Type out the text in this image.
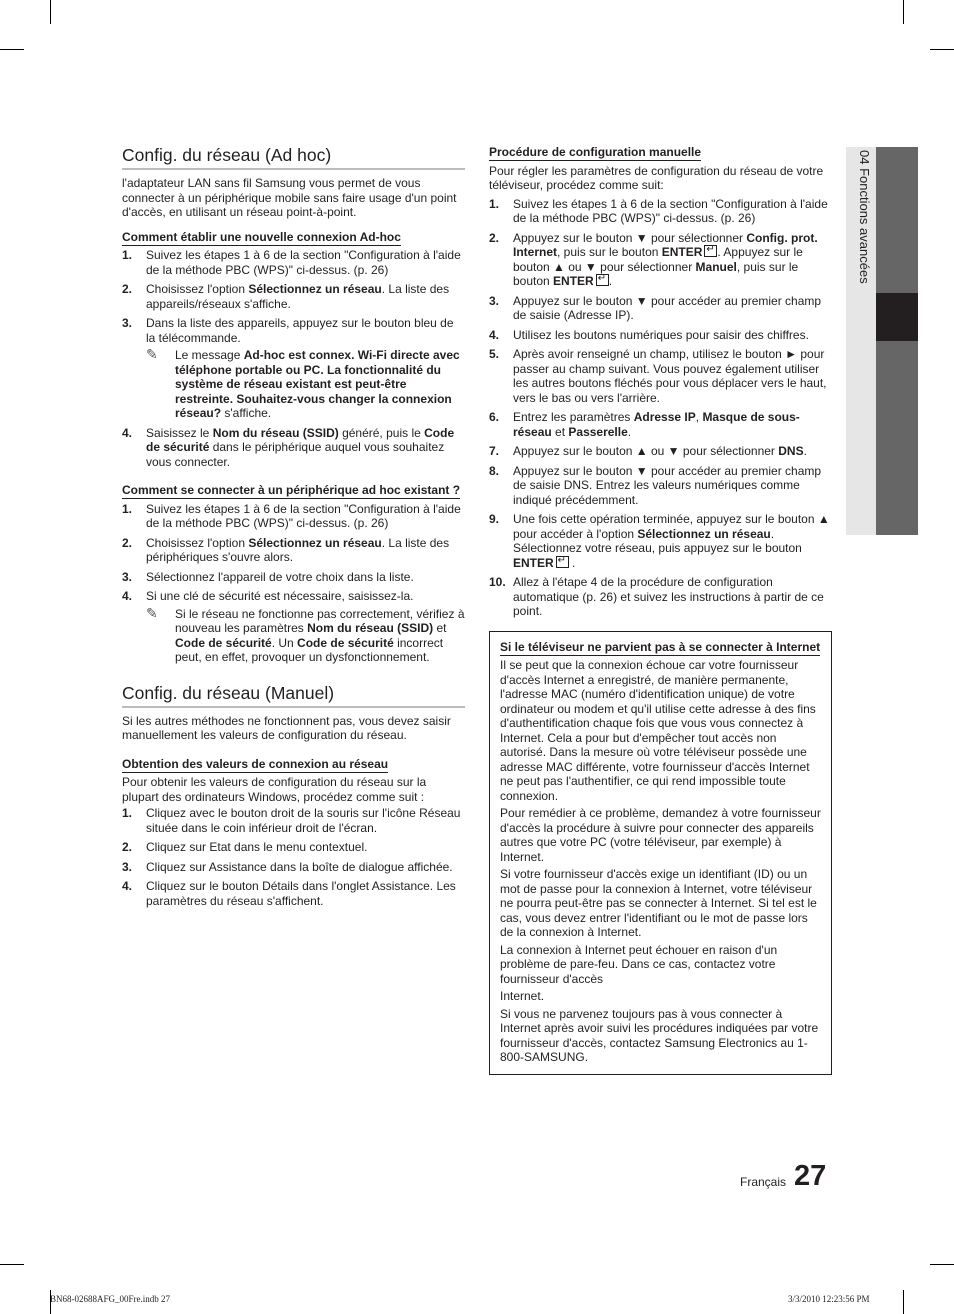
04 Fonctions avancées
Config. du réseau (Ad hoc)

l'adaptateur LAN sans fil Samsung vous permet de vous connecter à un périphérique mobile sans faire usage d'un point d'accès, en utilisant un réseau point-à-point.

Comment établir une nouvelle connexion Ad-hoc
1. Suivez les étapes 1 à 6 de la section "Configuration à l'aide de la méthode PBC (WPS)" ci-dessus. (p. 26)
2. Choisissez l'option Sélectionnez un réseau. La liste des appareils/réseaux s'affiche.
3. Dans la liste des appareils, appuyez sur le bouton bleu de la télécommande.
✎ Le message Ad-hoc est connex. Wi-Fi directe avec téléphone portable ou PC. La fonctionnalité du système de réseau existant est peut-être restreinte. Souhaitez-vous changer la connexion réseau? s'affiche.
4. Saisissez le Nom du réseau (SSID) généré, puis le Code de sécurité dans le périphérique auquel vous souhaitez vous connecter.
Comment se connecter à un périphérique ad hoc existant ?
1. Suivez les étapes 1 à 6 de la section "Configuration à l'aide de la méthode PBC (WPS)" ci-dessus. (p. 26)
2. Choisissez l'option Sélectionnez un réseau. La liste des périphériques s'ouvre alors.
3. Sélectionnez l'appareil de votre choix dans la liste.
4. Si une clé de sécurité est nécessaire, saisissez-la.
✎ Si le réseau ne fonctionne pas correctement, vérifiez à nouveau les paramètres Nom du réseau (SSID) et Code de sécurité. Un Code de sécurité incorrect peut, en effet, provoquer un dysfonctionnement.
Config. du réseau (Manuel)

Si les autres méthodes ne fonctionnent pas, vous devez saisir manuellement les valeurs de configuration du réseau.

Obtention des valeurs de connexion au réseau

Pour obtenir les valeurs de configuration du réseau sur la plupart des ordinateurs Windows, procédez comme suit :

1. Cliquez avec le bouton droit de la souris sur l'icône Réseau située dans le coin inférieur droit de l'écran.
2. Cliquez sur Etat dans le menu contextuel.
3. Cliquez sur Assistance dans la boîte de dialogue affichée.
4. Cliquez sur le bouton Détails dans l'onglet Assistance. Les paramètres du réseau s'affichent.
Procédure de configuration manuelle

Pour régler les paramètres de configuration du réseau de votre téléviseur, procédez comme suit:

1. Suivez les étapes 1 à 6 de la section "Configuration à l'aide de la méthode PBC (WPS)" ci-dessus. (p. 26)
2. Appuyez sur le bouton ▼ pour sélectionner Config. prot. Internet, puis sur le bouton ENTER ↵ . Appuyez sur le bouton ▲ ou ▼ pour sélectionner Manuel, puis sur le bouton ENTER ↵ .
3. Appuyez sur le bouton ▼ pour accéder au premier champ de saisie (Adresse IP).
4. Utilisez les boutons numériques pour saisir des chiffres.
5. Après avoir renseigné un champ, utilisez le bouton ► pour passer au champ suivant. Vous pouvez également utiliser les autres boutons fléchés pour vous déplacer vers le haut, vers le bas ou vers l'arrière.
6. Entrez les paramètres Adresse IP, Masque de sous-réseau et Passerelle.
7. Appuyez sur le bouton ▲ ou ▼ pour sélectionner DNS.
8. Appuyez sur le bouton ▼ pour accéder au premier champ de saisie DNS. Entrez les valeurs numériques comme indiqué précédemment.
9. Une fois cette opération terminée, appuyez sur le bouton ▲ pour accéder à l'option Sélectionnez un réseau. Sélectionnez votre réseau, puis appuyez sur le bouton ENTER↵ .
10. Allez à l'étape 4 de la procédure de configuration automatique (p. 26) et suivez les instructions à partir de ce point.
Si le téléviseur ne parvient pas à se connecter à Internet

Il se peut que la connexion échoue car votre fournisseur d'accès Internet a enregistré, de manière permanente, l'adresse MAC (numéro d'identification unique) de votre ordinateur ou modem et qu'il utilise cette adresse à des fins d'authentification chaque fois que vous vous connectez à Internet. Cela a pour but d'empêcher tout accès non autorisé. Dans la mesure où votre téléviseur possède une adresse MAC différente, votre fournisseur d'accès Internet ne peut pas l'authentifier, ce qui rend impossible toute connexion.

Pour remédier à ce problème, demandez à votre fournisseur d'accès la procédure à suivre pour connecter des appareils autres que votre PC (votre téléviseur, par exemple) à Internet.

Si votre fournisseur d'accès exige un identifiant (ID) ou un mot de passe pour la connexion à Internet, votre téléviseur ne pourra peut-être pas se connecter à Internet. Si tel est le cas, vous devez entrer l'identifiant ou le mot de passe lors de la connexion à Internet.

La connexion à Internet peut échouer en raison d'un problème de pare-feu. Dans ce cas, contactez votre fournisseur d'accès

Internet.

Si vous ne parvenez toujours pas à vous connecter à Internet après avoir suivi les procédures indiquées par votre fournisseur d'accès, contactez Samsung Electronics au 1-800-SAMSUNG.

Français 27
BN68-02688AFG_00Fre.indb 27	3/3/2010 12:23:56 PM
